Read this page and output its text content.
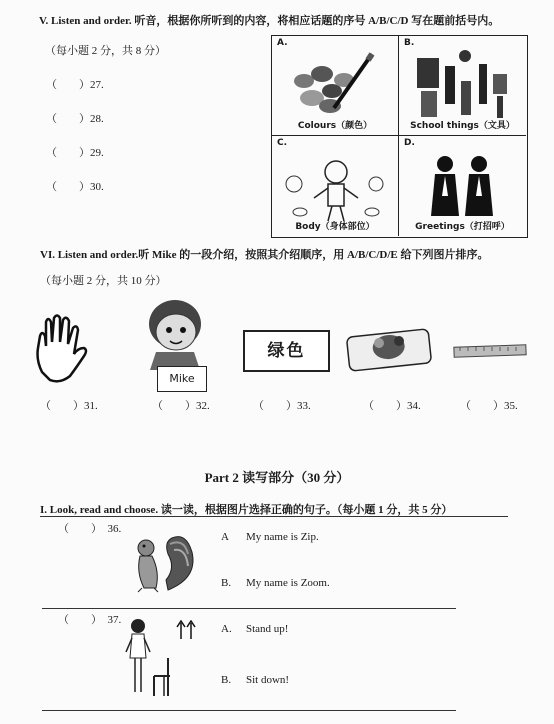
V. Listen and order. 听音，根据你所听到的内容，将相应话题的序号 A/B/C/D 写在题前括号内。
（每小题 2 分，共 8 分）
（　　）27.
（　　）28.
（　　）29.
（　　）30.
A.
Colours（颜色）
B.
School things（文具）
C.
Body（身体部位）
D.
Greetings（打招呼）
VI. Listen and order.听 Mike 的一段介绍，按照其介绍顺序，用 A/B/C/D/E 给下列图片排序。
（每小题 2 分，共 10 分）
Mike
绿色
（　　）31.	（　　）32.	（　　）33.	（　　）34.	（　　）35.
Part 2 读写部分（30 分）
I. Look, read and choose. 读一读，根据图片选择正确的句子。（每小题 1 分，共 5 分）
（　　）　36.
A My name is Zip.
B. My name is Zoom.
（　　）　37.
A. Stand up!
B. Sit down!
